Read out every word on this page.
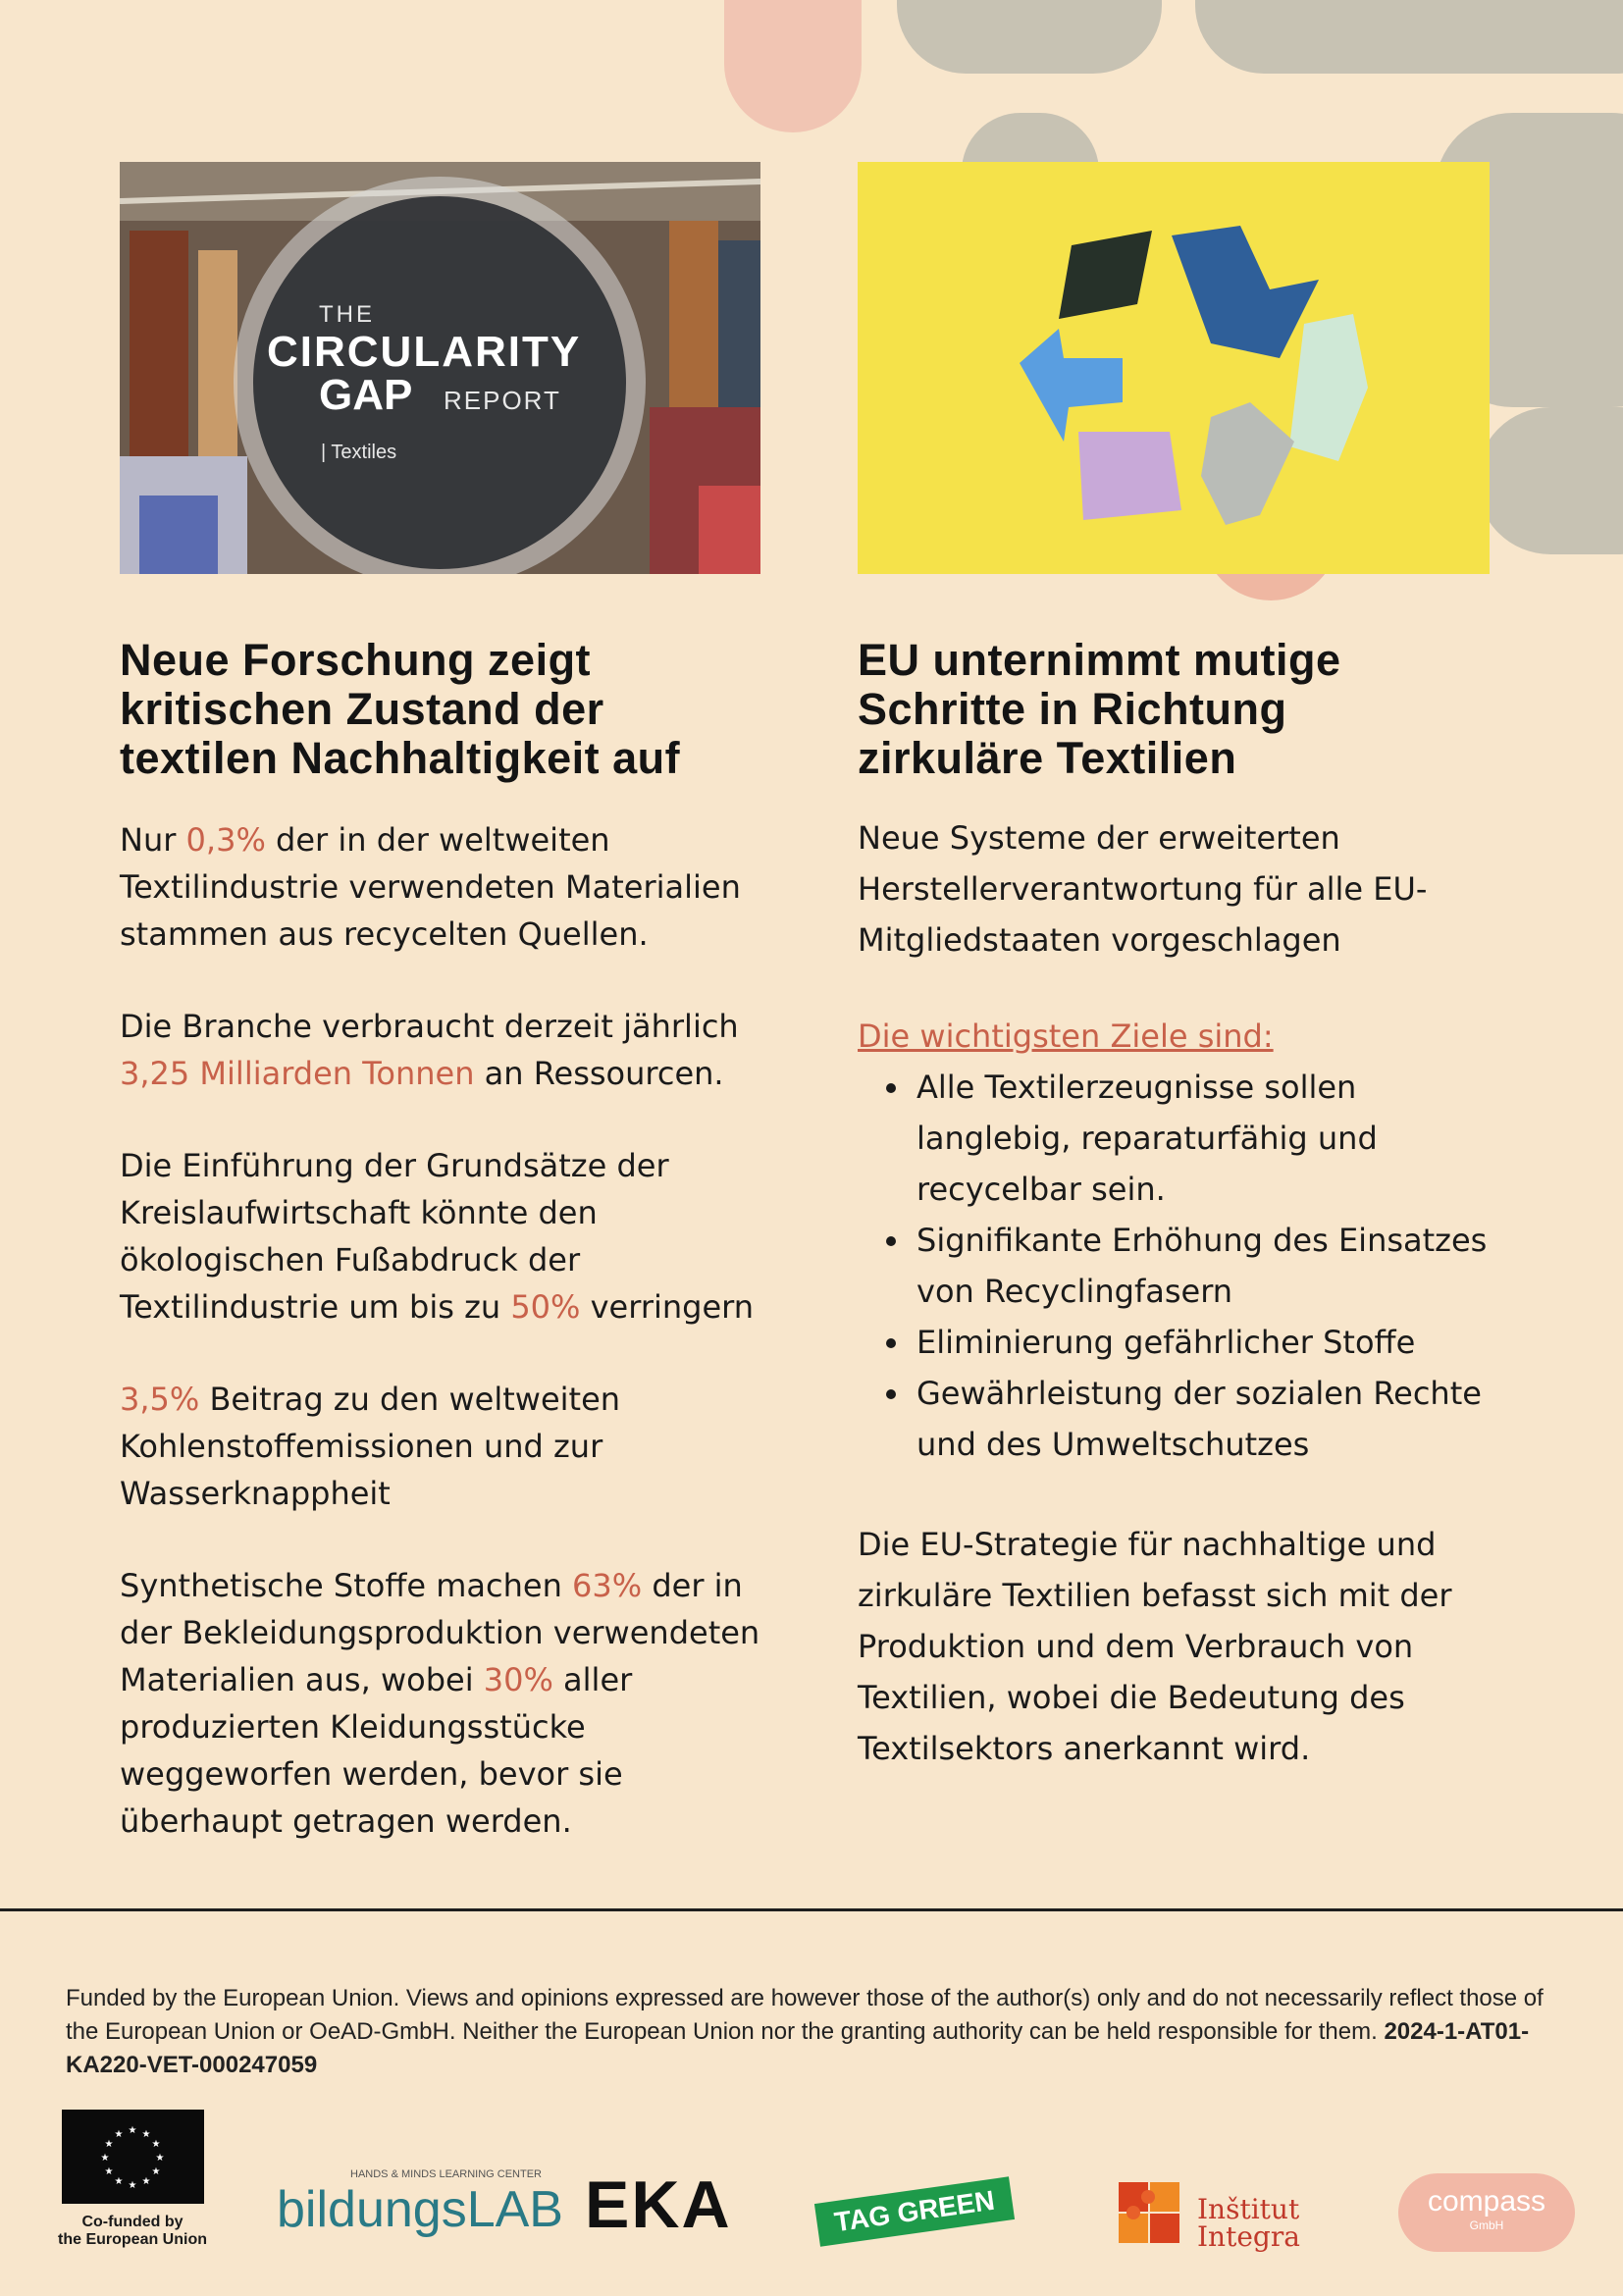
THE
CIRCULARITY
GAP REPORT
| Textiles
Neue Forschung zeigt
kritischen Zustand der
textilen Nachhaltigkeit auf

Nur 0,3% der in der weltweiten Textilindustrie verwendeten Materialien stammen aus recycelten Quellen.

Die Branche verbraucht derzeit jährlich 3,25 Milliarden Tonnen an Ressourcen.

Die Einführung der Grundsätze der Kreislaufwirtschaft könnte den ökologischen Fußabdruck der Textilindustrie um bis zu 50% verringern

3,5% Beitrag zu den weltweiten Kohlenstoffemissionen und zur Wasserknappheit

Synthetische Stoffe machen 63% der in der Bekleidungsproduktion verwendeten Materialien aus, wobei 30% aller produzierten Kleidungsstücke weggeworfen werden, bevor sie überhaupt getragen werden.

EU unternimmt mutige
Schritte in Richtung
zirkuläre Textilien

Neue Systeme der erweiterten Herstellerverantwortung für alle EU-Mitgliedstaaten vorgeschlagen

Die wichtigsten Ziele sind:

• Alle Textilerzeugnisse sollen langlebig, reparaturfähig und recycelbar sein.
• Signifikante Erhöhung des Einsatzes von Recyclingfasern
• Eliminierung gefährlicher Stoffe
• Gewährleistung der sozialen Rechte und des Umweltschutzes

Die EU-Strategie für nachhaltige und zirkuläre Textilien befasst sich mit der Produktion und dem Verbrauch von Textilien, wobei die Bedeutung des Textilsektors anerkannt wird.

Funded by the European Union. Views and opinions expressed are however those of the author(s) only and do not necessarily reflect those of the European Union or OeAD-GmbH. Neither the European Union nor the granting authority can be held responsible for them. 2024-1-AT01-KA220-VET-000247059
★ ★
★
★
★
★
★
★
★
★
★
★
Co-funded by
the European Union
HANDS & MINDS LEARNING CENTER
bildungsLAB EKA	TAG GREEN	Inštitut
Integra
compass
GmbH
